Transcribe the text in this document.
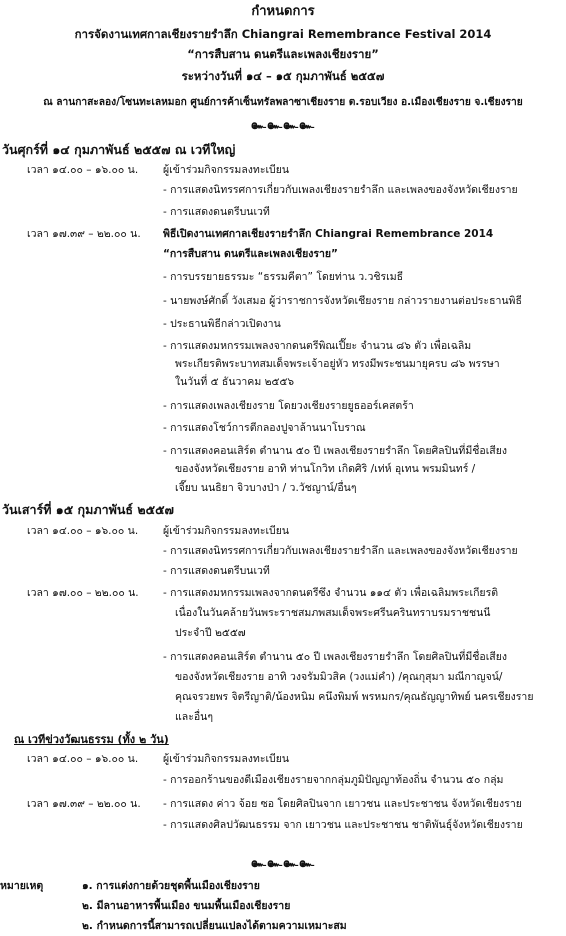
กำหนดการ
การจัดงานเทศกาลเชียงรายรำลึก Chiangrai Remembrance Festival 2014
“การสืบสาน ดนตรีและเพลงเชียงราย”
ระหว่างวันที่ ๑๔ – ๑๕ กุมภาพันธ์ ๒๕๕๗
ณ ลานกาสะลอง/โซนทะเลหมอก ศูนย์การค้าเซ็นทรัลพลาซาเชียงราย ต.รอบเวียง อ.เมืองเชียงราย จ.เชียงราย
๛๛๛๛
วันศุกร์ที่ ๑๔ กุมภาพันธ์ ๒๕๕๗ ณ เวทีใหญ่
เวลา ๑๔.๐๐ – ๑๖.๐๐ น. ผู้เข้าร่วมกิจกรรมลงทะเบียน
- การแสดงนิทรรศการเกี่ยวกับเพลงเชียงรายรำลึก และเพลงของจังหวัดเชียงราย
- การแสดงดนตรีบนเวที
เวลา ๑๗.๓๙ – ๒๒.๐๐ น. พิธีเปิดงานเทศกาลเชียงรายรำลึก Chiangrai Remembrance 2014
“การสืบสาน ดนตรีและเพลงเชียงราย”
- การบรรยายธรรมะ “ธรรมคีตา” โดยท่าน ว.วชิรเมธี
- นายพงษ์ศักดิ์ วังเสมอ ผู้ว่าราชการจังหวัดเชียงราย กล่าวรายงานต่อประธานพิธี
- ประธานพิธีกล่าวเปิดงาน
- การแสดงมหกรรมเพลงจากดนตรีพิณเปี๊ยะ จำนวน ๘๖ ตัว เพื่อเฉลิม
พระเกียรติพระบาทสมเด็จพระเจ้าอยู่หัว ทรงมีพระชนมายุครบ ๘๖ พรรษา
ในวันที่ ๕ ธันวาคม ๒๕๕๖
- การแสดงเพลงเชียงราย โดยวงเชียงรายยูธออร์เคสตร้า
- การแสดงโชว์การตีกลองปูจาล้านนาโบราณ
- การแสดงคอนเสิร์ต ตำนาน ๕๐ ปี เพลงเชียงรายรำลึก โดยศิลปินที่มีชื่อเสียง
ของจังหวัดเชียงราย อาทิ ท่านโกวิท เกิดศิริ /เท่ห์ อุเทน พรมมินทร์ /
เจี๊ยบ นนธิยา จิวบางป่า / ว.วัชญาน์/อื่นๆ
วันเสาร์ที่ ๑๕ กุมภาพันธ์ ๒๕๕๗
เวลา ๑๔.๐๐ – ๑๖.๐๐ น. ผู้เข้าร่วมกิจกรรมลงทะเบียน
- การแสดงนิทรรศการเกี่ยวกับเพลงเชียงรายรำลึก และเพลงของจังหวัดเชียงราย
- การแสดงดนตรีบนเวที
เวลา ๑๗.๐๐ – ๒๒.๐๐ น. - การแสดงมหกรรมเพลงจากดนตรีซึง จำนวน ๑๑๔ ตัว เพื่อเฉลิมพระเกียรติ
เนื่องในวันคล้ายวันพระราชสมภพสมเด็จพระศรีนครินทราบรมราชชนนี
ประจำปี ๒๕๕๗
- การแสดงคอนเสิร์ต ตำนาน ๕๐ ปี เพลงเชียงรายรำลึก โดยศิลปินที่มีชื่อเสียง
ของจังหวัดเชียงราย อาทิ วงจรัมมิวสิค (วงแม่คำ) /คุณกุสุมา มณีกาญจน์/
คุณจรวยพร จิตรีญาติ/น้องหนิม คนึงพิมพ์ พรหมกร/คุณธัญญาทิพย์ นครเชียงราย
และอื่นๆ
ณ เวทีข่วงวัฒนธรรม (ทั้ง ๒ วัน)
เวลา ๑๔.๐๐ – ๑๖.๐๐ น. ผู้เข้าร่วมกิจกรรมลงทะเบียน
- การออกร้านของดีเมืองเชียงรายจากกลุ่มภูมิปัญญาท้องถิ่น จำนวน ๕๐ กลุ่ม
เวลา ๑๗.๓๙ – ๒๒.๐๐ น. - การแสดง ค่าว จ้อย ซอ โดยศิลปินจาก เยาวชน และประชาชน จังหวัดเชียงราย
- การแสดงศิลปวัฒนธรรม จาก เยาวชน และประชาชน ชาติพันธุ์จังหวัดเชียงราย
๛๛๛๛
หมายเหตุ	๑. การแต่งกายด้วยชุดพื้นเมืองเชียงราย
๒. มีลานอาหารพื้นเมือง ขนมพื้นเมืองเชียงราย
๒. กำหนดการนี้สามารถเปลี่ยนแปลงได้ตามความเหมาะสม
